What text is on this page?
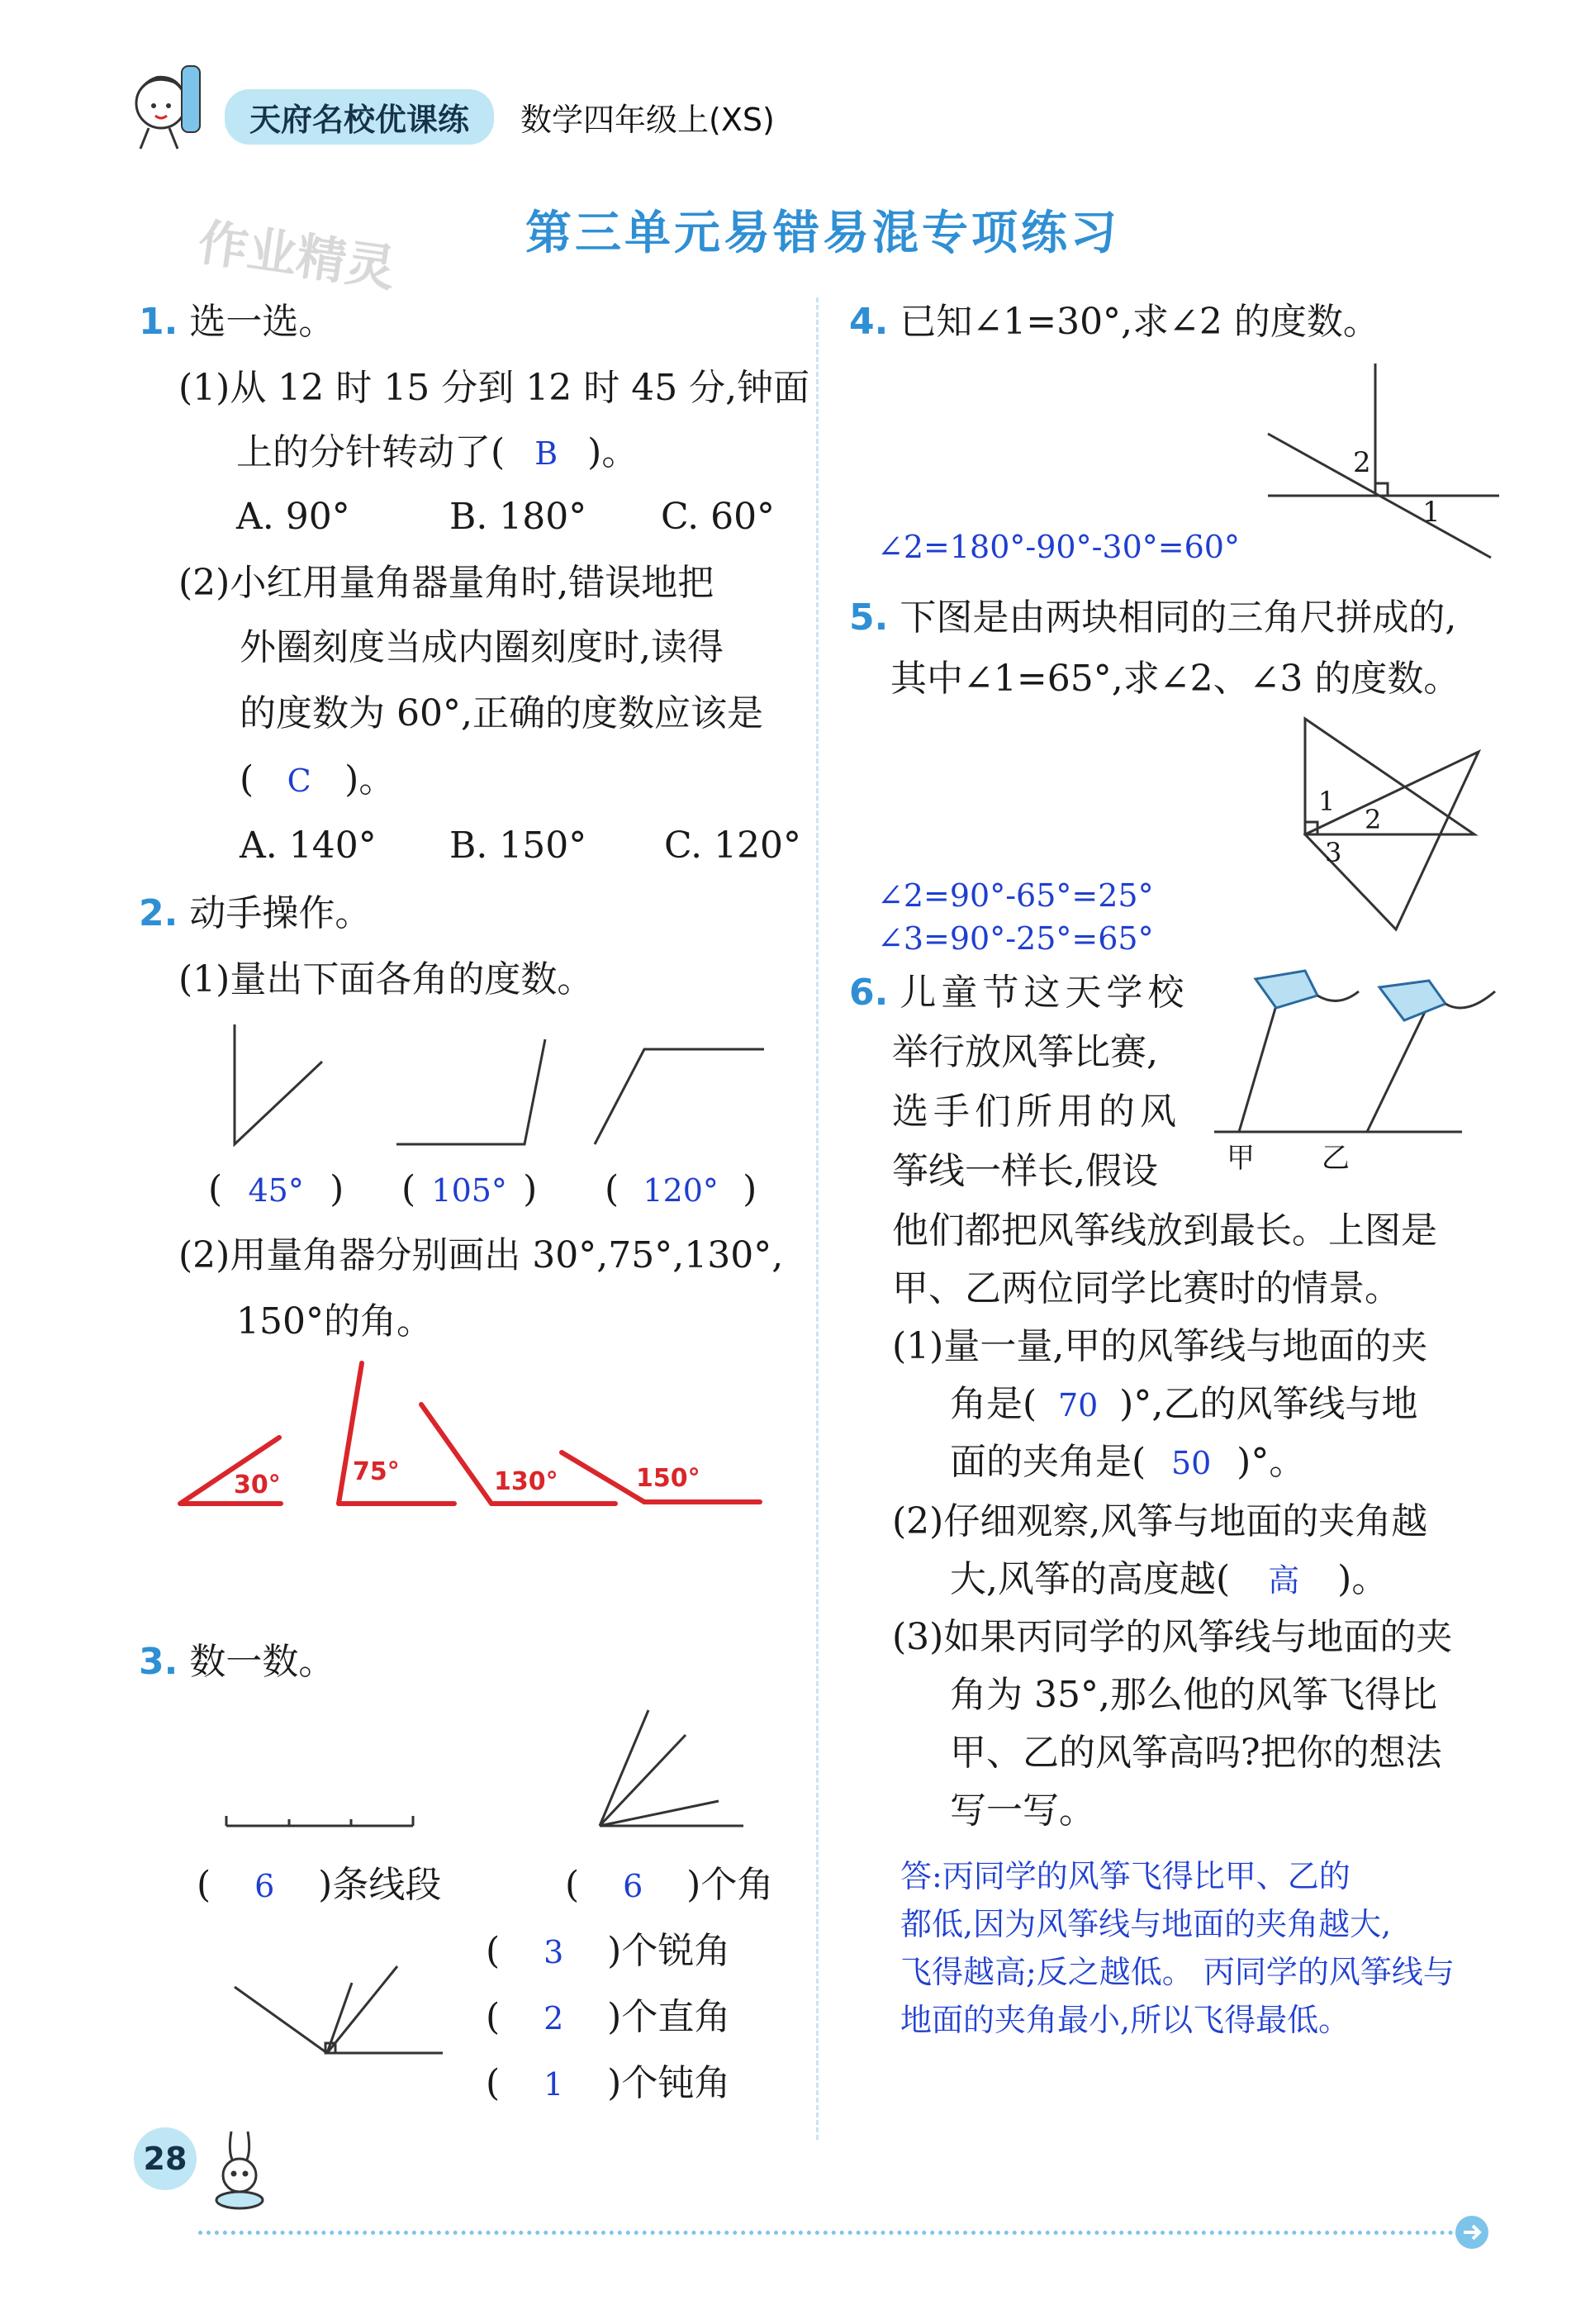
天府名校优课练	数学四年级上(XS)
作业精灵	第三单元易错易混专项练习
1. 选一选。
(1)从 12 时 15 分到 12 时 45 分,钟面
上的分针转动了( B )。
A. 90°	B. 180° C. 60°
(2)小红用量角器量角时,错误地把
外圈刻度当成内圈刻度时,读得
的度数为 60°,正确的度数应该是
( C )。
A. 140° B. 150° C. 120°
2. 动手操作。
(1)量出下面各角的度数。
( 45° ) ( 105° ) ( 120° )
(2)用量角器分别画出 30°,75°,130°,
150°的角。
30°	75°	130°	150°
3. 数一数。
( 6 )条线段	( 6 )个角
( 3 )个锐角
( 2 )个直角
( 1 )个钝角
4. 已知∠1=30°,求∠2 的度数。
2
1
∠2=180°-90°-30°=60°
5. 下图是由两块相同的三角尺拼成的,
其中∠1=65°,求∠2、∠3 的度数。
1
2
3
∠2=90°-65°=25°
∠3=90°-25°=65°
6. 儿童节这天学校
举行放风筝比赛,
选手们所用的风
筝线一样长,假设 甲 乙
他们都把风筝线放到最长。上图是
甲、乙两位同学比赛时的情景。
(1)量一量,甲的风筝线与地面的夹
角是( 70 )°,乙的风筝线与地
面的夹角是( 50 )°。
(2)仔细观察,风筝与地面的夹角越
大,风筝的高度越( 高 )。
(3)如果丙同学的风筝线与地面的夹
角为 35°,那么他的风筝飞得比
甲、乙的风筝高吗?把你的想法
写一写。
答:丙同学的风筝飞得比甲、乙的
都低,因为风筝线与地面的夹角越大,
飞得越高;反之越低。 丙同学的风筝线与
地面的夹角最小,所以飞得最低。
28
